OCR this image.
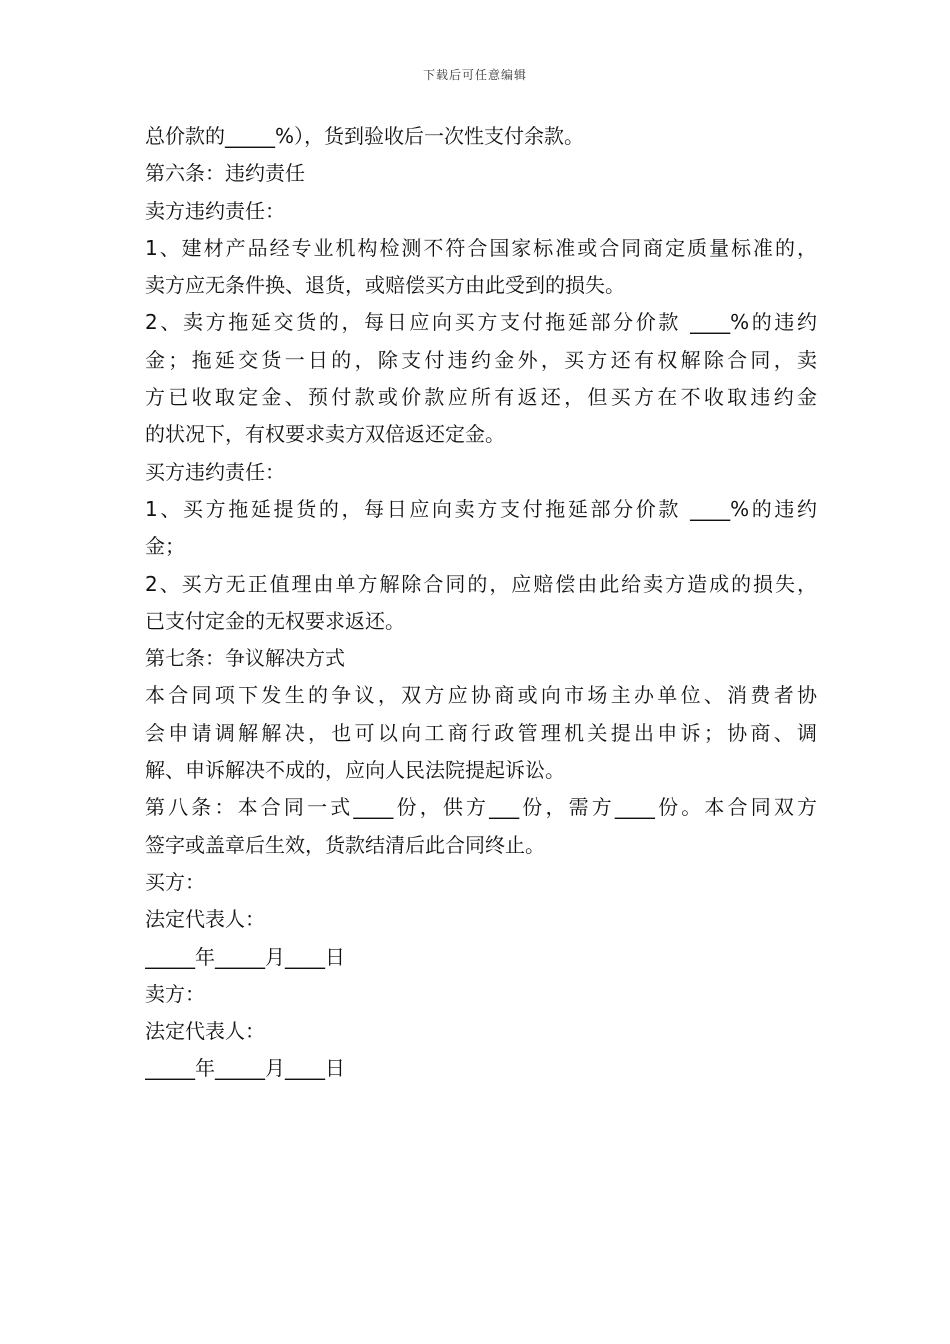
下载后可任意编辑
总价款的_____%），货到验收后一次性支付余款。
第六条：违约责任
卖方违约责任：
1、建材产品经专业机构检测不符合国家标准或合同商定质量标准的，
卖方应无条件换、退货，或赔偿买方由此受到的损失。
2、卖方拖延交货的，每日应向买方支付拖延部分价款 ____%的违约
金；拖延交货一日的，除支付违约金外，买方还有权解除合同，卖
方已收取定金、预付款或价款应所有返还，但买方在不收取违约金
的状况下，有权要求卖方双倍返还定金。
买方违约责任：
1、买方拖延提货的，每日应向卖方支付拖延部分价款 ____%的违约
金；
2、买方无正值理由单方解除合同的，应赔偿由此给卖方造成的损失，
已支付定金的无权要求返还。
第七条：争议解决方式
本合同项下发生的争议，双方应协商或向市场主办单位、消费者协
会申请调解解决，也可以向工商行政管理机关提出申诉；协商、调
解、申诉解决不成的，应向人民法院提起诉讼。
第八条：本合同一式____份，供方___份，需方____份。本合同双方
签字或盖章后生效，货款结清后此合同终止。
买方：
法定代表人：
_____年_____月____日
卖方：
法定代表人：
_____年_____月____日
